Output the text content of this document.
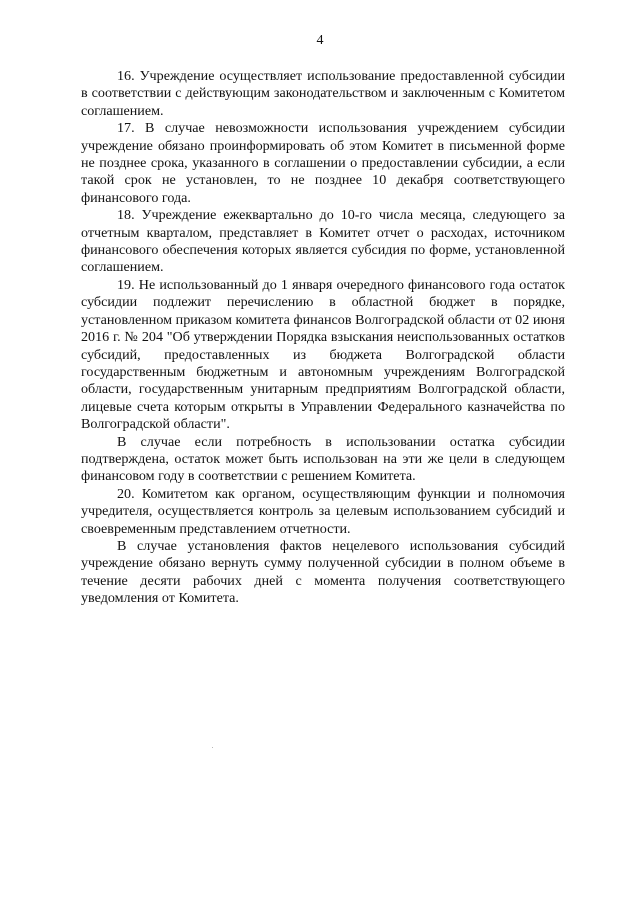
4

16. Учреждение осуществляет использование предоставленной субсидии в соответствии с действующим законодательством и заключенным с Комитетом соглашением.

17. В случае невозможности использования учреждением субсидии учреждение обязано проинформировать об этом Комитет в письменной форме не позднее срока, указанного в соглашении о предоставлении субсидии, а если такой срок не установлен, то не позднее 10 декабря соответствующего финансового года.

18. Учреждение ежеквартально до 10-го числа месяца, следующего за отчетным кварталом, представляет в Комитет отчет о расходах, источником финансового обеспечения которых является субсидия по форме, установленной соглашением.

19. Не использованный до 1 января очередного финансового года остаток субсидии подлежит перечислению в областной бюджет в порядке, установленном приказом комитета финансов Волгоградской области от 02 июня 2016 г. № 204 "Об утверждении Порядка взыскания неиспользованных остатков субсидий, предоставленных из бюджета Волгоградской области государственным бюджетным и автономным учреждениям Волгоградской области, государственным унитарным предприятиям Волгоградской области, лицевые счета которым открыты в Управлении Федерального казначейства по Волгоградской области".

В случае если потребность в использовании остатка субсидии подтверждена, остаток может быть использован на эти же цели в следующем финансовом году в соответствии с решением Комитета.

20. Комитетом как органом, осуществляющим функции и полномочия учредителя, осуществляется контроль за целевым использованием субсидий и своевременным представлением отчетности.

В случае установления фактов нецелевого использования субсидий учреждение обязано вернуть сумму полученной субсидии в полном объеме в течение десяти рабочих дней с момента получения соответствующего уведомления от Комитета.
